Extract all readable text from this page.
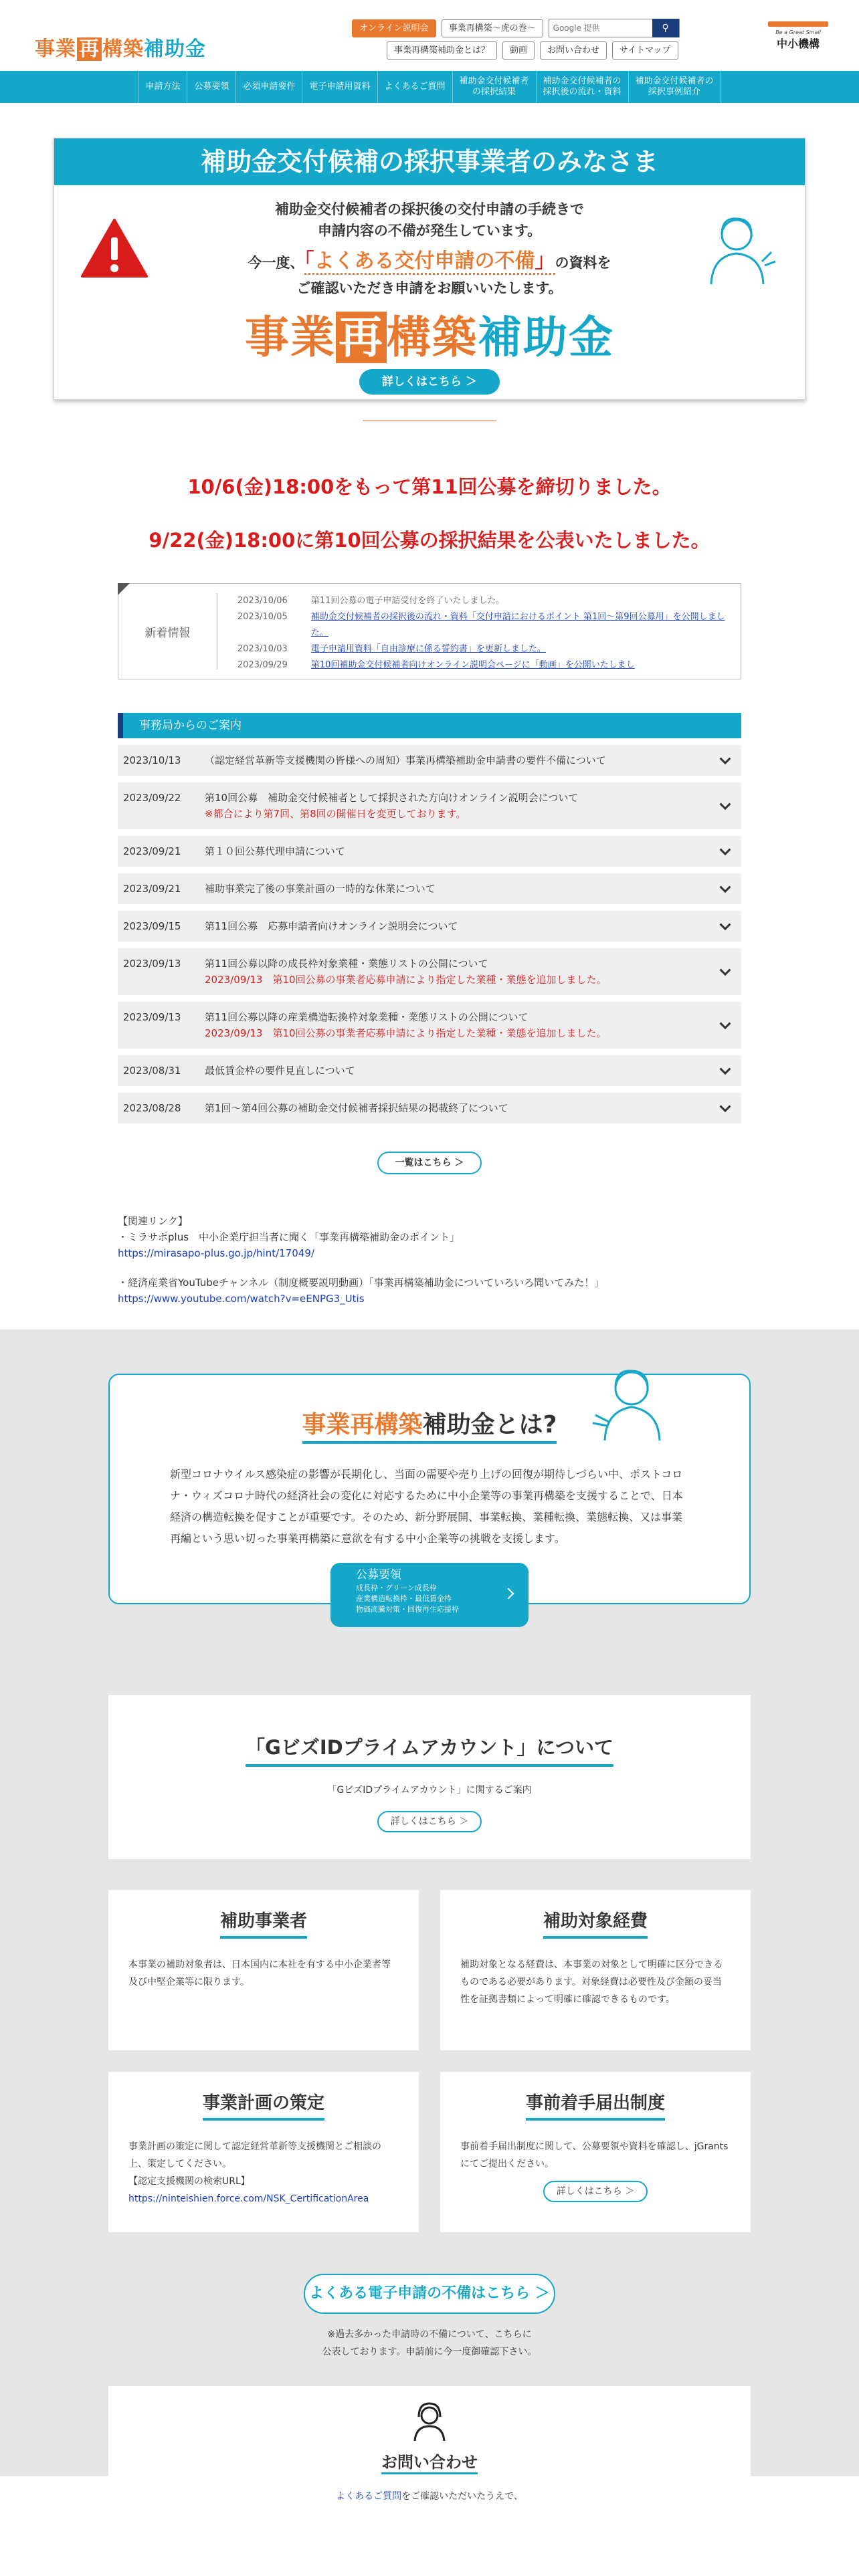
事業 再 構築補助金
オンライン説明会	事業再構築〜虎の巻〜
Google 提供	⚲
事業再構築補助金とは？	動画	お問い合わせ	サイトマップ
Be a Great Small
中小機構
申請方法	公募要領	必須申請要件	電子申請用資料	よくあるご質問
補助金交付候補者
の採択結果
補助金交付候補者の
採択後の流れ・資料
補助金交付候補者の
採択事例紹介
補助金交付候補の採択事業者のみなさま
補助金交付候補者の採択後の交付申請の手続きで
申請内容の不備が発生しています。
今一度、「よくある交付申請の不備」の資料を
ご確認いただき申請をお願いいたします。
事業再構築補助金
詳しくはこちら ＞
10/6(金)18:00をもって第11回公募を締切りました。
9/22(金)18:00に第10回公募の採択結果を公表いたしました。
新着情報
2023/10/06	第11回公募の電子申請受付を終了いたしました。
2023/10/05	補助金交付候補者の採択後の流れ・資料「交付申請におけるポイント 第1回〜第9回公募用」を公開しました。
2023/10/03	電子申請用資料「自由診療に係る誓約書」を更新しました。
2023/09/29	第10回補助金交付候補者向けオンライン説明会ページに「動画」を公開いたしまし
事務局からのご案内
2023/10/13 （認定経営革新等支援機関の皆様への周知）事業再構築補助金申請書の要件不備について
2023/09/22 第10回公募　補助金交付候補者として採択された方向けオンライン説明会について
※都合により第7回、第8回の開催日を変更しております。
2023/09/21 第１０回公募代理申請について
2023/09/21 補助事業完了後の事業計画の一時的な休業について
2023/09/15 第11回公募　応募申請者向けオンライン説明会について
2023/09/13 第11回公募以降の成長枠対象業種・業態リストの公開について
2023/09/13　第10回公募の事業者応募申請により指定した業種・業態を追加しました。
2023/09/13 第11回公募以降の産業構造転換枠対象業種・業態リストの公開について
2023/09/13　第10回公募の事業者応募申請により指定した業種・業態を追加しました。
2023/08/31 最低賃金枠の要件見直しについて
2023/08/28 第1回〜第4回公募の補助金交付候補者採択結果の掲載終了について
一覧はこちら ＞
【関連リンク】
・ミラサポplus　中小企業庁担当者に聞く「事業再構築補助金のポイント」
https://mirasapo-plus.go.jp/hint/17049/
・経済産業省YouTubeチャンネル（制度概要説明動画）「事業再構築補助金についていろいろ聞いてみた！」
https://www.youtube.com/watch?v=eENPG3_Utis
事業再構築補助金とは?
新型コロナウイルス感染症の影響が長期化し、当面の需要や売り上げの回復が期待しづらい中、ポストコロナ・ウィズコロナ時代の経済社会の変化に対応するために中小企業等の事業再構築を支援することで、日本経済の構造転換を促すことが重要です。そのため、新分野展開、事業転換、業種転換、業態転換、又は事業再編という思い切った事業再構築に意欲を有する中小企業等の挑戦を支援します。
公募要領
成長枠・グリーン成長枠
産業構造転換枠・最低賃金枠
物価高騰対策・回復再生応援枠
「GビズIDプライムアカウント」について
「GビズIDプライムアカウント」に関するご案内
詳しくはこちら ＞
補助事業者
本事業の補助対象者は、日本国内に本社を有する中小企業者等及び中堅企業等に限ります。
補助対象経費
補助対象となる経費は、本事業の対象として明確に区分できるものである必要があります。対象経費は必要性及び金額の妥当性を証拠書類によって明確に確認できるものです。
事業計画の策定
事業計画の策定に関して認定経営革新等支援機関とご相談の上、策定してください。
【認定支援機関の検索URL】
https://ninteishien.force.com/NSK_CertificationArea
事前着手届出制度
事前着手届出制度に関して、公募要領や資料を確認し、jGrantsにてご提出ください。
詳しくはこちら ＞
よくある電子申請の不備はこちら ＞
※過去多かった申請時の不備について、こちらに
公表しております。申請前に今一度御確認下さい。
お問い合わせ
よくあるご質問をご確認いただいたうえで、
